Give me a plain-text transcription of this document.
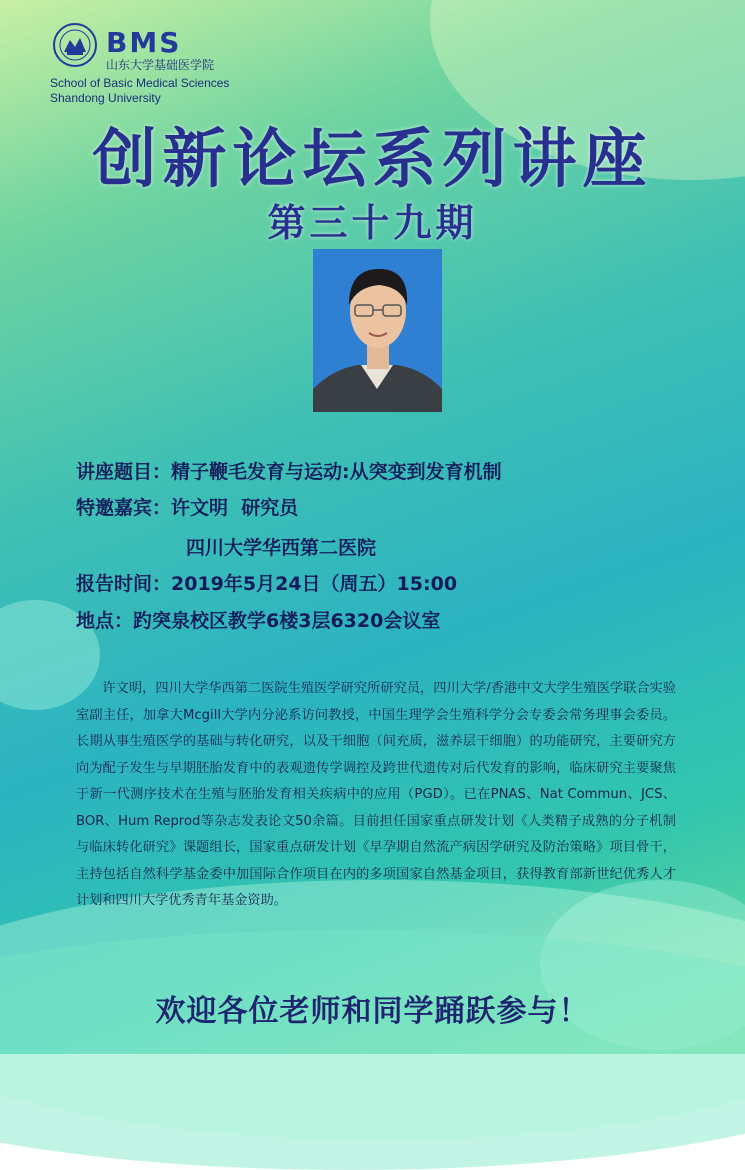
BMS
山东大学基础医学院
School of Basic Medical Sciences
Shandong University
创新论坛系列讲座
第三十九期
讲座题目：精子鞭毛发育与运动:从突变到发育机制
特邀嘉宾：许文明  研究员
四川大学华西第二医院
报告时间：2019年5月24日（周五）15:00
地点：趵突泉校区教学6楼3层6320会议室
许文明，四川大学华西第二医院生殖医学研究所研究员，四川大学/香港中文大学生殖医学联合实验室副主任，加拿大Mcgill大学内分泌系访问教授，中国生理学会生殖科学分会专委会常务理事会委员。长期从事生殖医学的基础与转化研究，以及干细胞（间充质，滋养层干细胞）的功能研究，主要研究方向为配子发生与早期胚胎发育中的表观遗传学调控及跨世代遗传对后代发育的影响，临床研究主要聚焦于新一代测序技术在生殖与胚胎发育相关疾病中的应用（PGD）。已在PNAS、Nat Commun、JCS、BOR、Hum Reprod等杂志发表论文50余篇。目前担任国家重点研发计划《人类精子成熟的分子机制与临床转化研究》课题组长，国家重点研发计划《早孕期自然流产病因学研究及防治策略》项目骨干，主持包括自然科学基金委中加国际合作项目在内的多项国家自然基金项目，获得教育部新世纪优秀人才计划和四川大学优秀青年基金资助。
欢迎各位老师和同学踊跃参与！
